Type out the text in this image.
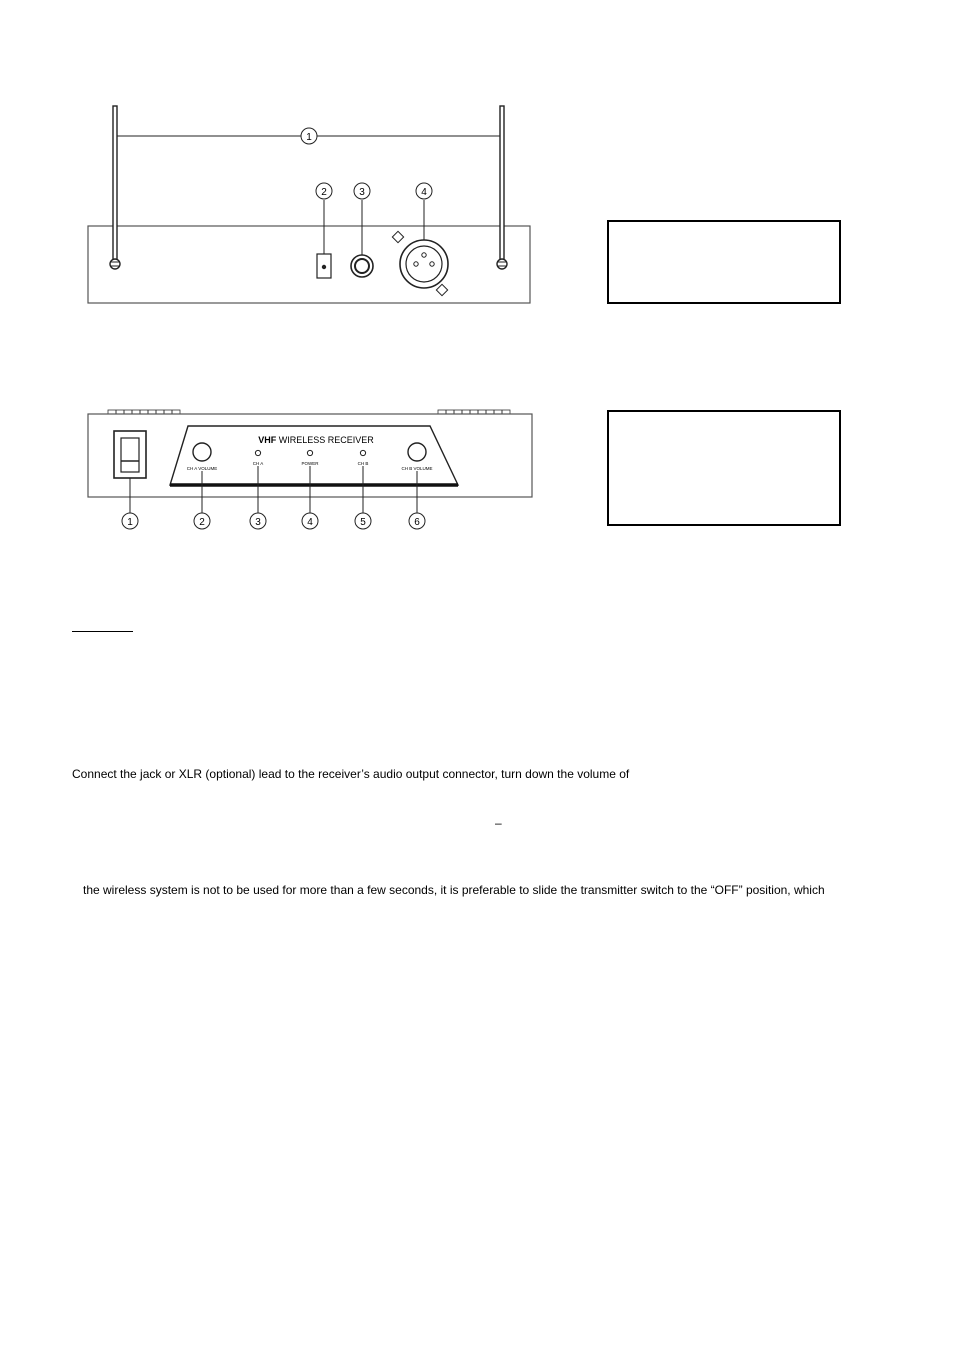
1
2	3	4
VHF WIRELESS RECEIVER
CH A VOLUME	CH B VOLUME
CH A	POWER	CH B
1	2	3	4	5	6
Connect the jack or XLR (optional) lead to the receiver’s audio output connector, turn down the volume of
–
the wireless system is not to be used for more than a few seconds, it is preferable to slide the transmitter switch to the “OFF” position, which
